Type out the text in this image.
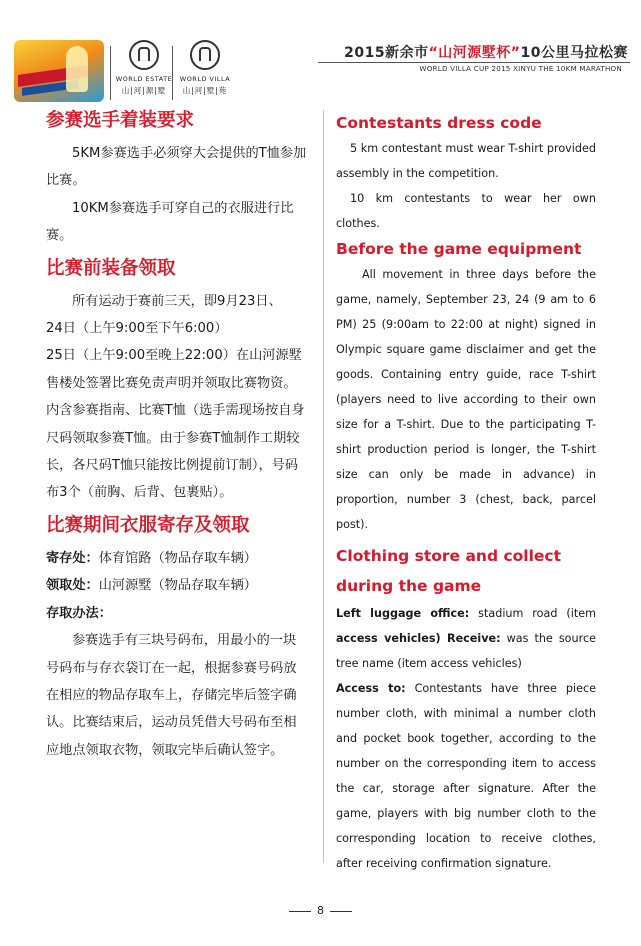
WORLD ESTATE
山|河|源|墅
WORLD VILLA
山|河|墅|苑
2015新余市“山河源墅杯”10公里马拉松赛
WORLD VILLA CUP 2015 XINYU THE 10KM MARATHON
参赛选手着装要求
5KM参赛选手必须穿大会提供的T恤参加比赛。
10KM参赛选手可穿自己的衣服进行比赛。
比赛前装备领取
所有运动于赛前三天，即9月23日、
24日（上午9:00至下午6:00）
25日（上午9:00至晚上22:00）在山河源墅售楼处签署比赛免责声明并领取比赛物资。内含参赛指南、比赛T恤（选手需现场按自身尺码领取参赛T恤。由于参赛T恤制作工期较长，各尺码T恤只能按比例提前订制），号码布3个（前胸、后背、包裹贴）。
比赛期间衣服寄存及领取
寄存处：体育馆路（物品存取车辆）
领取处：山河源墅（物品存取车辆）
存取办法：
参赛选手有三块号码布，用最小的一块号码布与存衣袋订在一起，根据参赛号码放在相应的物品存取车上，存储完毕后签字确认。比赛结束后，运动员凭借大号码布至相应地点领取衣物，领取完毕后确认签字。
Contestants dress code
5 km contestant must wear T-shirt provided assembly in the competition.
10 km contestants to wear her own clothes.
Before the game equipment
All movement in three days before the game, namely, September 23, 24 (9 am to 6 PM) 25 (9:00am to 22:00 at night) signed in Olympic square game disclaimer and get the goods. Containing entry guide, race T-shirt (players need to live according to their own size for a T-shirt. Due to the participating T-shirt production period is longer, the T-shirt size can only be made in advance) in proportion, number 3 (chest, back, parcel post).
Clothing store and collect during the game
Left luggage office: stadium road (item access vehicles) Receive: was the source tree name (item access vehicles)
Access to: Contestants have three piece number cloth, with minimal a number cloth and pocket book together, according to the number on the corresponding item to access the car, storage after signature. After the game, players with big number cloth to the corresponding location to receive clothes, after receiving confirmation signature.
8
